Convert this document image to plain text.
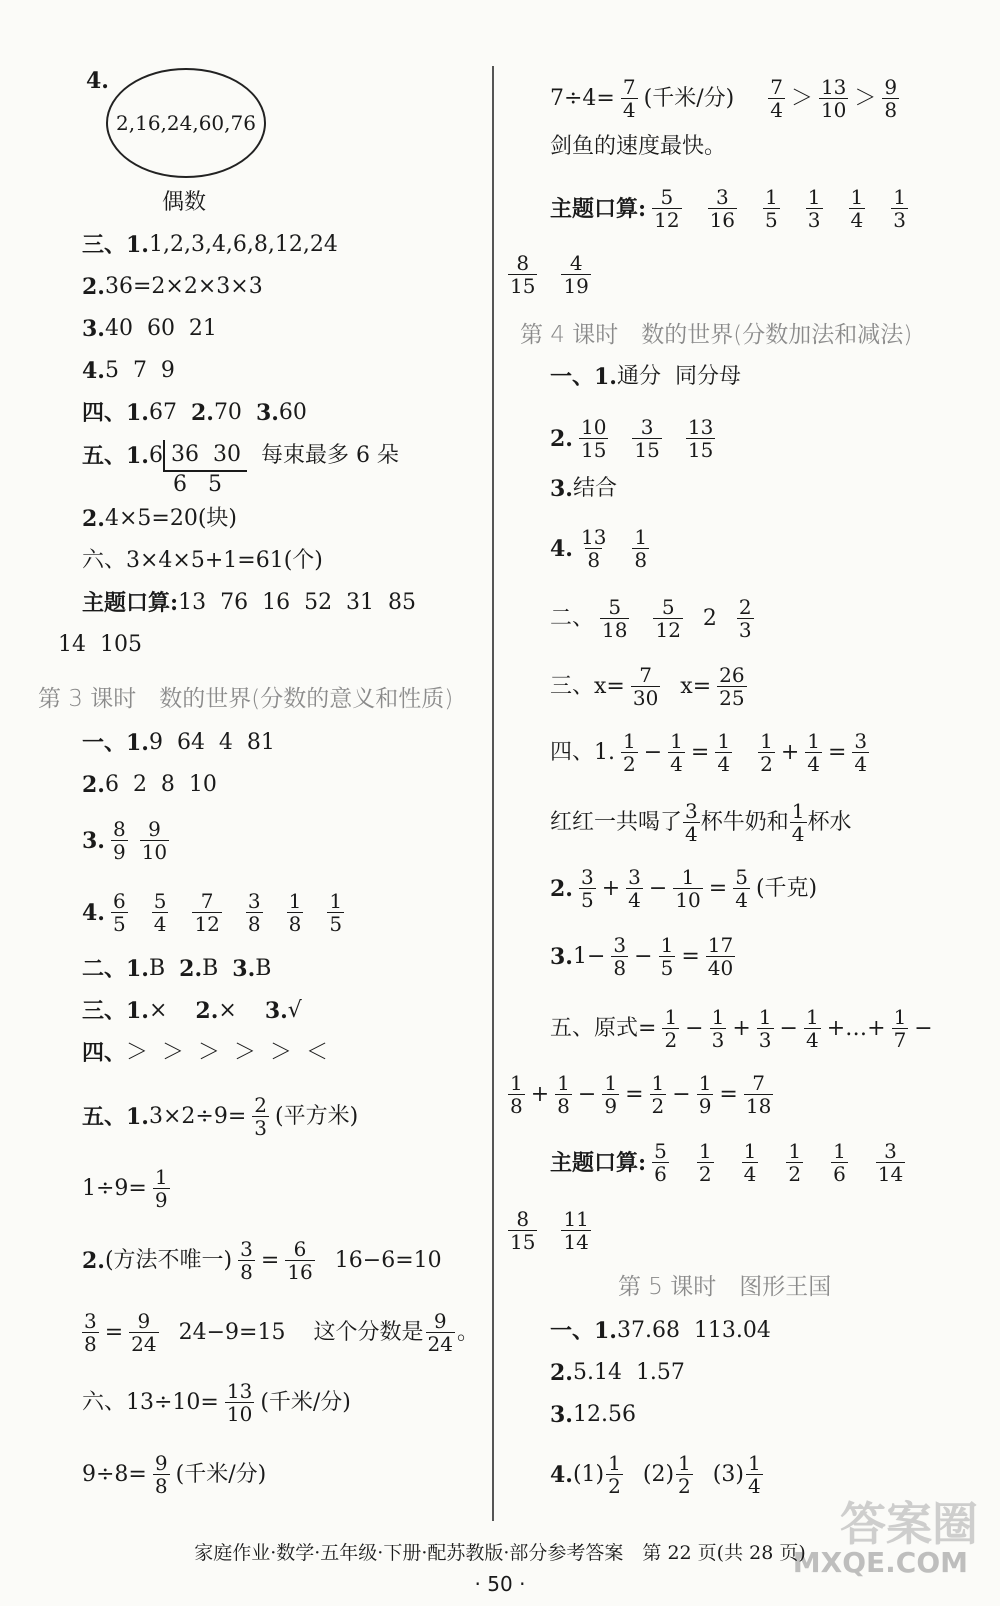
4.
2,16,24,60,76
偶数
三、1. 1,2,3,4,6,8,12,24
2. 36=2×2×3×3
3. 40  60  21
4. 5  7  9
四、1. 67 2. 70 3. 60
五、1. 6 36  30
6   5
每束最多 6 朵
2. 4×5=20(块)
六、3×4×5+1=61(个)
主题口算: 13  76  16  52  31  85
14  105
第 3 课时　数的世界(分数的意义和性质)
一、1. 9  64  4  81
2. 6  2  8  10
3. $\frac{8}{9} \frac{9}{10}$
4. $\frac{6}{5} \frac{5}{4} \frac{7}{12} \frac{3}{8} \frac{1}{8} \frac{1}{5}$
二、1. B 2. B 3. B
三、1. × 2. × 3. √
四、 ＞  ＞  ＞  ＞  ＞  ＜
五、1. $3\times 2\div 9= \frac{2}{3}$ (平方米)
$1\div 9= \frac{1}{9}$
2. (方法不唯一) $\frac{3}{8} = \frac{6}{16} 16-6=10$
$\frac{3}{8} = \frac{9}{24} 24-9=15$ 这个分数是 $\frac{9}{24}$ 。
六、$13\div 10= \frac{13}{10}$ (千米/分)
$9\div 8= \frac{9}{8}$ (千米/分)
$7\div 4= \frac{7}{4}$ (千米/分) $\frac{7}{4} > \frac{13}{10} > \frac{9}{8}$
剑鱼的速度最快。
主题口算: $\frac{5}{12} \frac{3}{16} \frac{1}{5} \frac{1}{3} \frac{1}{4} \frac{1}{3}$
$\frac{8}{15} \frac{4}{19}$
第 4 课时　数的世界(分数加法和减法)
一、1. 通分  同分母
2. $\frac{10}{15} \frac{3}{15} \frac{13}{15}$
3. 结合
4. $\frac{13}{8} \frac{1}{8}$
二、 $\frac{5}{18} \frac{5}{12} 2 \frac{2}{3}$
三、$x= \frac{7}{30} x= \frac{26}{25}$
四、1. $\frac{1}{2} - \frac{1}{4} = \frac{1}{4} \frac{1}{2} + \frac{1}{4} = \frac{3}{4}$
红红一共喝了 $\frac{3}{4}$ 杯牛奶和 $\frac{1}{4}$ 杯水
2. $\frac{3}{5} + \frac{3}{4} - \frac{1}{10} = \frac{5}{4}$ (千克)
3. $1- \frac{3}{8} - \frac{1}{5} = \frac{17}{40}$
五、原式= $\frac{1}{2} - \frac{1}{3} + \frac{1}{3} - \frac{1}{4}$ +…+ $\frac{1}{7}$ −
$\frac{1}{8} + \frac{1}{8} - \frac{1}{9} = \frac{1}{2} - \frac{1}{9} = \frac{7}{18}$
主题口算: $\frac{5}{6} \frac{1}{2} \frac{1}{4} \frac{1}{2} \frac{1}{6} \frac{3}{14}$
$\frac{8}{15} \frac{11}{14}$
第 5 课时　图形王国
一、1. 37.68  113.04
2. 5.14  1.57
3. 12.56
4. $(1) \frac{1}{2} (2) \frac{1}{2} (3) \frac{1}{4}$
答案圈
MXQE.COM
家庭作业·数学·五年级·下册·配苏教版·部分参考答案　第 22 页(共 28 页)
· 50 ·
